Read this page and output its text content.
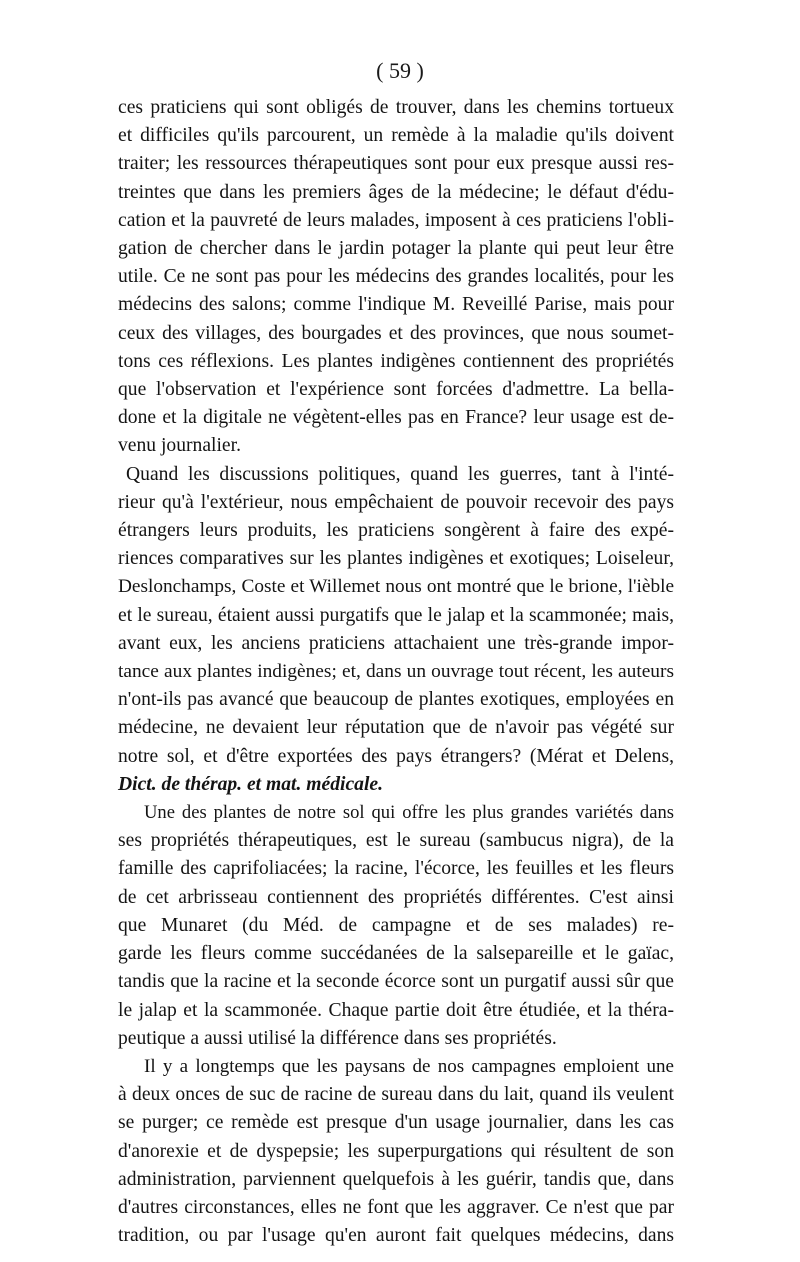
( 59 )
ces praticiens qui sont obligés de trouver, dans les chemins tortueux
et difficiles qu'ils parcourent, un remède à la maladie qu'ils doivent
traiter; les ressources thérapeutiques sont pour eux presque aussi res-
treintes que dans les premiers âges de la médecine; le défaut d'édu-
cation et la pauvreté de leurs malades, imposent à ces praticiens l'obli-
gation de chercher dans le jardin potager la plante qui peut leur être
utile. Ce ne sont pas pour les médecins des grandes localités, pour les
médecins des salons; comme l'indique M. Reveillé Parise, mais pour
ceux des villages, des bourgades et des provinces, que nous soumet-
tons ces réflexions. Les plantes indigènes contiennent des propriétés
que l'observation et l'expérience sont forcées d'admettre. La bella-
done et la digitale ne végètent-elles pas en France? leur usage est de-
venu journalier.
Quand les discussions politiques, quand les guerres, tant à l'inté-
rieur qu'à l'extérieur, nous empêchaient de pouvoir recevoir des pays
étrangers leurs produits, les praticiens songèrent à faire des expé-
riences comparatives sur les plantes indigènes et exotiques; Loiseleur,
Deslonchamps, Coste et Willemet nous ont montré que le brione, l'ièble
et le sureau, étaient aussi purgatifs que le jalap et la scammonée; mais,
avant eux, les anciens praticiens attachaient une très-grande impor-
tance aux plantes indigènes; et, dans un ouvrage tout récent, les auteurs
n'ont-ils pas avancé que beaucoup de plantes exotiques, employées en
médecine, ne devaient leur réputation que de n'avoir pas végété sur
notre sol, et d'être exportées des pays étrangers? (Mérat et Delens,
Dict. de thérap. et mat. médicale.
Une des plantes de notre sol qui offre les plus grandes variétés dans
ses propriétés thérapeutiques, est le sureau (sambucus nigra), de la
famille des caprifoliacées; la racine, l'écorce, les feuilles et les fleurs
de cet arbrisseau contiennent des propriétés différentes. C'est ainsi
que Munaret (du Méd. de campagne et de ses malades) re-
garde les fleurs comme succédanées de la salsepareille et le gaïac,
tandis que la racine et la seconde écorce sont un purgatif aussi sûr que
le jalap et la scammonée. Chaque partie doit être étudiée, et la théra-
peutique a aussi utilisé la différence dans ses propriétés.
Il y a longtemps que les paysans de nos campagnes emploient une
à deux onces de suc de racine de sureau dans du lait, quand ils veulent
se purger; ce remède est presque d'un usage journalier, dans les cas
d'anorexie et de dyspepsie; les superpurgations qui résultent de son
administration, parviennent quelquefois à les guérir, tandis que, dans
d'autres circonstances, elles ne font que les aggraver. Ce n'est que par
tradition, ou par l'usage qu'en auront fait quelques médecins, dans
